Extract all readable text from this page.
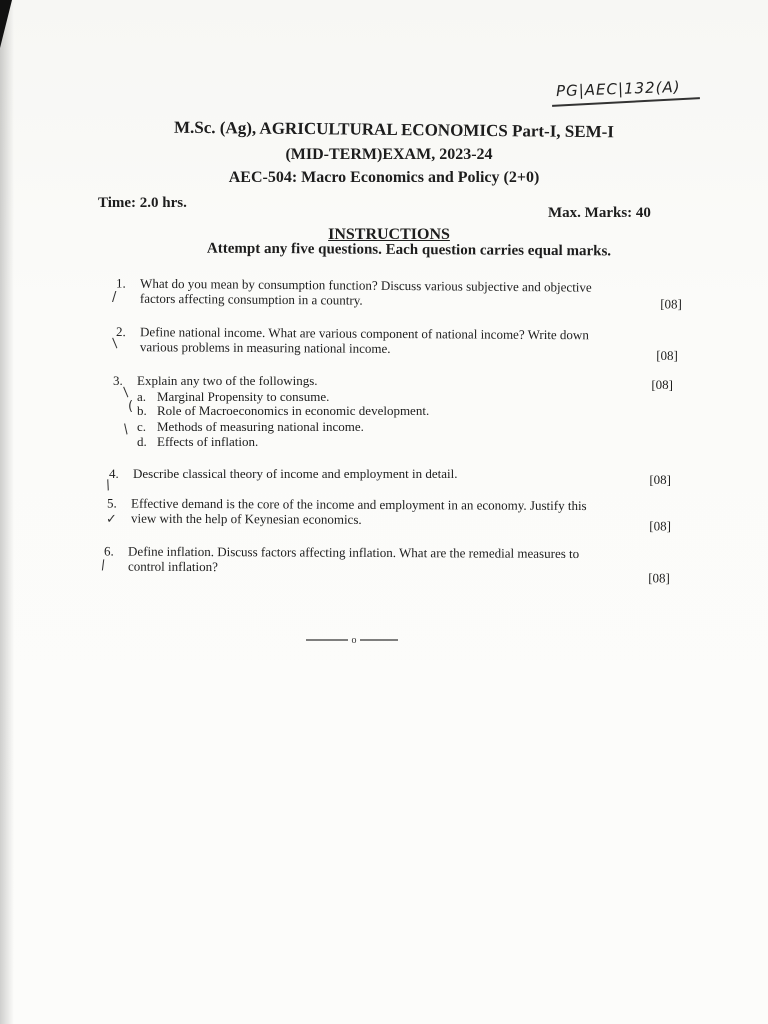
PG|AEC|132(A)
M.Sc. (Ag), AGRICULTURAL ECONOMICS Part-I, SEM-I
(MID-TERM)EXAM, 2023-24
AEC-504: Macro Economics and Policy (2+0)
Time: 2.0 hrs.
Max. Marks: 40
INSTRUCTIONS
Attempt any five questions. Each question carries equal marks.
1. What do you mean by consumption function? Discuss various subjective and objective
factors affecting consumption in a country.	[08]
/
2. Define national income. What are various component of national income? Write down
various problems in measuring national income.	[08]
/
3. Explain any two of the followings.	[08]
a. Marginal Propensity to consume.
b. Role of Macroeconomics in economic development.
c. Methods of measuring national income.
d. Effects of inflation.
/
(
/
4. Describe classical theory of income and employment in detail.	[08]
/
5. Effective demand is the core of the income and employment in an economy. Justify this
view with the help of Keynesian economics.	[08]
✓
6. Define inflation. Discuss factors affecting inflation. What are the remedial measures to
control inflation?
[08]
/
o
